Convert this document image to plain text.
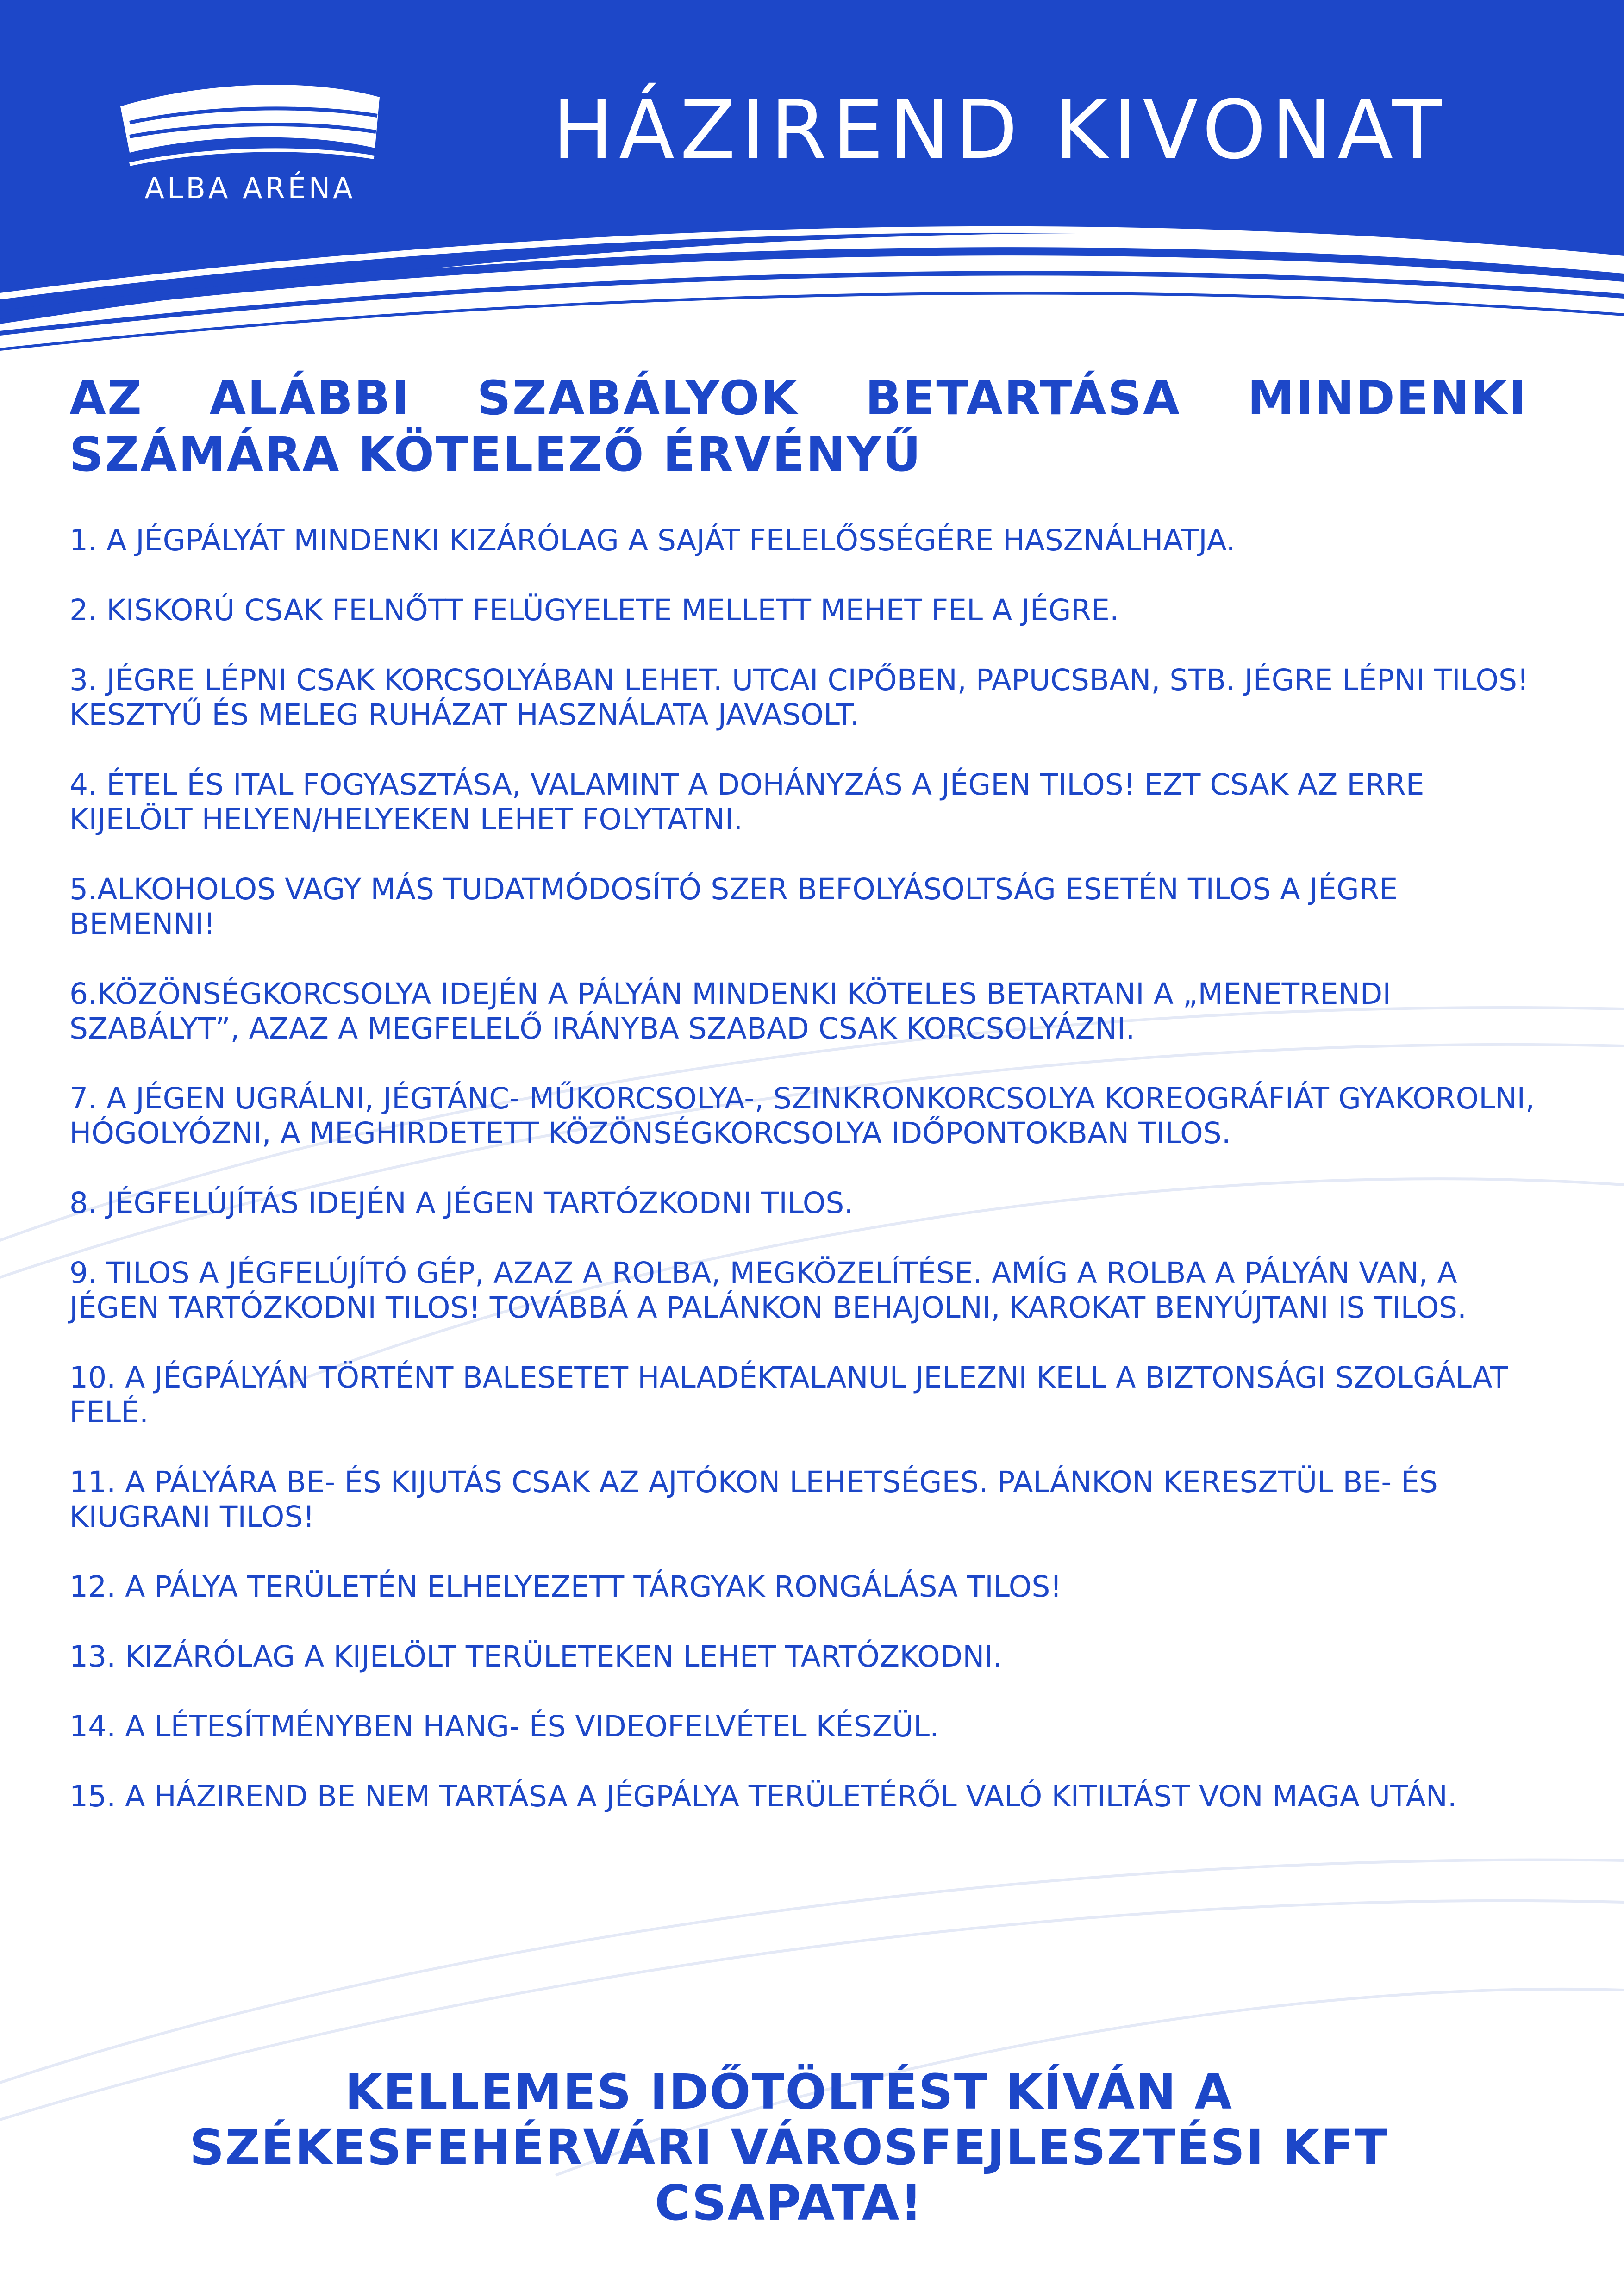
ALBA ARÉNA
HÁZIREND KIVONAT
AZ ALÁBBI SZABÁLYOK BETARTÁSA MINDENKI SZÁMÁRA KÖTELEZŐ ÉRVÉNYŰ
1. A JÉGPÁLYÁT MINDENKI KIZÁRÓLAG A SAJÁT FELELŐSSÉGÉRE HASZNÁLHATJA.
2. KISKORÚ CSAK FELNŐTT FELÜGYELETE MELLETT MEHET FEL A JÉGRE.
3. JÉGRE LÉPNI CSAK KORCSOLYÁBAN LEHET. UTCAI CIPŐBEN, PAPUCSBAN, STB. JÉGRE LÉPNI TILOS! KESZTYŰ ÉS MELEG RUHÁZAT HASZNÁLATA JAVASOLT.
4. ÉTEL ÉS ITAL FOGYASZTÁSA, VALAMINT A DOHÁNYZÁS A JÉGEN TILOS! EZT CSAK AZ ERRE KIJELÖLT HELYEN/HELYEKEN LEHET FOLYTATNI.
5.ALKOHOLOS VAGY MÁS TUDATMÓDOSÍTÓ SZER BEFOLYÁSOLTSÁG ESETÉN TILOS A JÉGRE BEMENNI!
6.KÖZÖNSÉGKORCSOLYA IDEJÉN A PÁLYÁN MINDENKI KÖTELES BETARTANI A „MENETRENDI SZABÁLYT”, AZAZ A MEGFELELŐ IRÁNYBA SZABAD CSAK KORCSOLYÁZNI.
7. A JÉGEN UGRÁLNI, JÉGTÁNC- MŰKORCSOLYA-, SZINKRONKORCSOLYA KOREOGRÁFIÁT GYAKOROLNI, HÓGOLYÓZNI, A MEGHIRDETETT KÖZÖNSÉGKORCSOLYA IDŐPONTOKBAN TILOS.
8. JÉGFELÚJÍTÁS IDEJÉN A JÉGEN TARTÓZKODNI TILOS.
9. TILOS A JÉGFELÚJÍTÓ GÉP, AZAZ A ROLBA, MEGKÖZELÍTÉSE. AMÍG A ROLBA A PÁLYÁN VAN, A JÉGEN TARTÓZKODNI TILOS! TOVÁBBÁ A PALÁNKON BEHAJOLNI, KAROKAT BENYÚJTANI IS TILOS.
10. A JÉGPÁLYÁN TÖRTÉNT BALESETET HALADÉKTALANUL JELEZNI KELL A BIZTONSÁGI SZOLGÁLAT FELÉ.
11. A PÁLYÁRA BE- ÉS KIJUTÁS CSAK AZ AJTÓKON LEHETSÉGES. PALÁNKON KERESZTÜL BE- ÉS KIUGRANI TILOS!
12. A PÁLYA TERÜLETÉN ELHELYEZETT TÁRGYAK RONGÁLÁSA TILOS!
13. KIZÁRÓLAG A KIJELÖLT TERÜLETEKEN LEHET TARTÓZKODNI.
14. A LÉTESÍTMÉNYBEN HANG- ÉS VIDEOFELVÉTEL KÉSZÜL.
15. A HÁZIREND BE NEM TARTÁSA A JÉGPÁLYA TERÜLETÉRŐL VALÓ KITILTÁST VON MAGA UTÁN.
KELLEMES IDŐTÖLTÉST KÍVÁN A
SZÉKESFEHÉRVÁRI VÁROSFEJLESZTÉSI KFT
CSAPATA!
